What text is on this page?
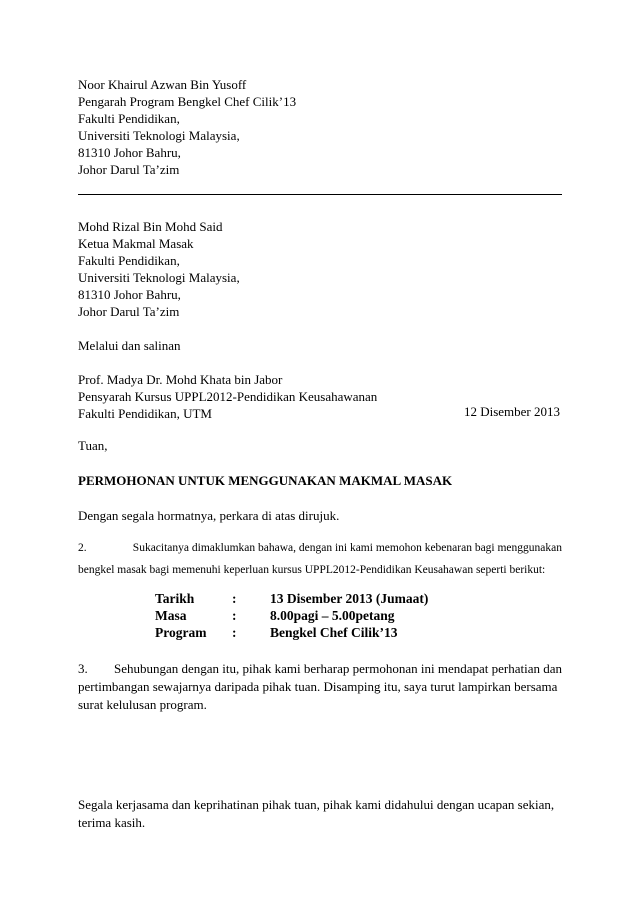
Noor Khairul Azwan Bin Yusoff
Pengarah Program Bengkel Chef Cilik’13
Fakulti Pendidikan,
Universiti Teknologi Malaysia,
81310 Johor Bahru,
Johor Darul Ta’zim
Mohd Rizal Bin Mohd Said
Ketua Makmal Masak
Fakulti Pendidikan,
Universiti Teknologi Malaysia,
81310 Johor Bahru,
Johor Darul Ta’zim
Melalui dan salinan
Prof. Madya Dr. Mohd Khata bin Jabor
Pensyarah Kursus UPPL2012-Pendidikan Keusahawanan
Fakulti Pendidikan, UTM	12 Disember 2013
Tuan,
PERMOHONAN UNTUK MENGGUNAKAN MAKMAL MASAK
Dengan segala hormatnya, perkara di atas dirujuk.
2.	Sukacitanya dimaklumkan bahawa, dengan ini kami memohon kebenaran bagi menggunakan
bengkel masak bagi memenuhi keperluan kursus UPPL2012-Pendidikan Keusahawan seperti berikut:
Tarikh	: 13 Disember 2013 (Jumaat)
Masa	: 8.00pagi – 5.00petang
Program : Bengkel Chef Cilik’13
3.	Sehubungan dengan itu, pihak kami berharap permohonan ini mendapat perhatian dan
pertimbangan sewajarnya daripada pihak tuan. Disamping itu, saya turut lampirkan bersama
surat kelulusan program.
Segala kerjasama dan keprihatinan pihak tuan, pihak kami didahului dengan ucapan sekian,
terima kasih.
